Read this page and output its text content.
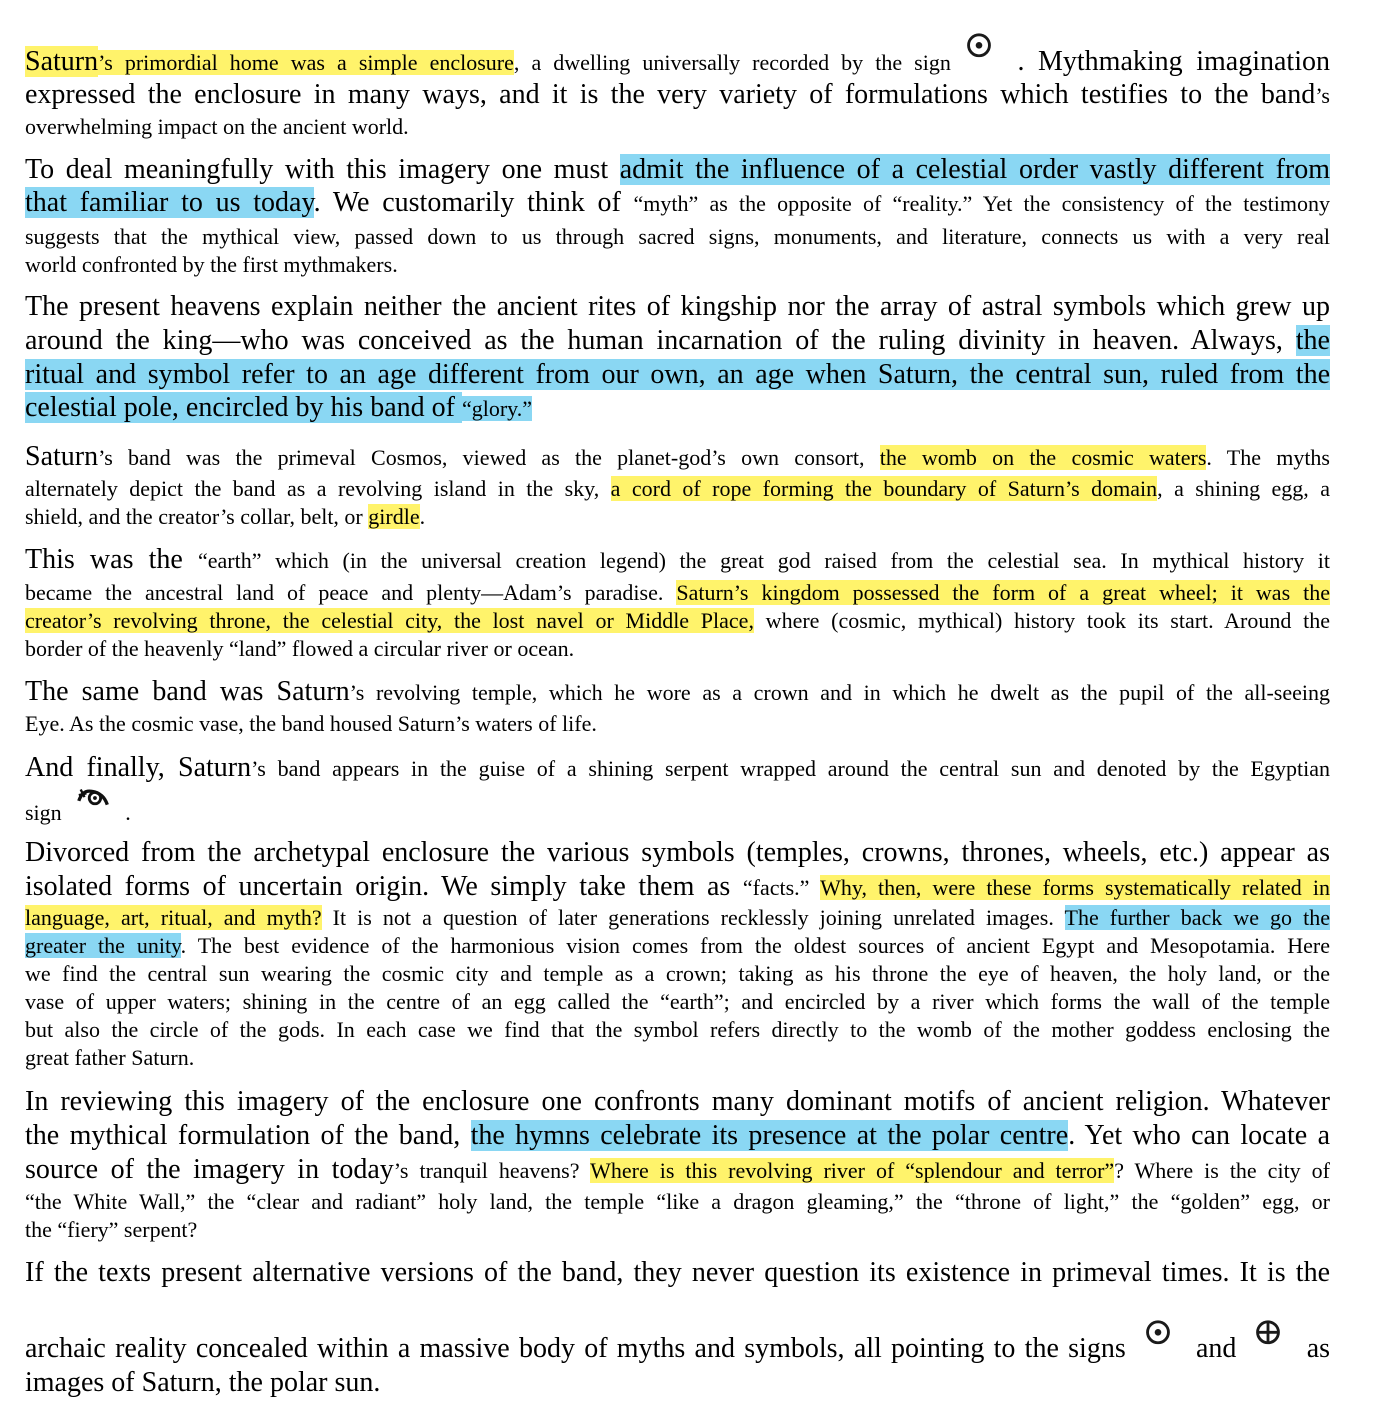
Saturn’s primordial home was a simple enclosure, a dwelling universally recorded by the sign . Mythmaking imagination
expressed the enclosure in many ways, and it is the very variety of formulations which testifies to the band’s
overwhelming impact on the ancient world.
To deal meaningfully with this imagery one must admit the influence of a celestial order vastly different from
that familiar to us today. We customarily think of “myth” as the opposite of “reality.” Yet the consistency of the testimony
suggests that the mythical view, passed down to us through sacred signs, monuments, and literature, connects us with a very real
world confronted by the first mythmakers.
The present heavens explain neither the ancient rites of kingship nor the array of astral symbols which grew up
around the king—who was conceived as the human incarnation of the ruling divinity in heaven. Always, the
ritual and symbol refer to an age different from our own, an age when Saturn, the central sun, ruled from the
celestial pole, encircled by his band of “glory.”
Saturn’s band was the primeval Cosmos, viewed as the planet-god’s own consort, the womb on the cosmic waters. The myths
alternately depict the band as a revolving island in the sky, a cord of rope forming the boundary of Saturn’s domain, a shining egg, a
shield, and the creator’s collar, belt, or girdle.
This was the “earth” which (in the universal creation legend) the great god raised from the celestial sea. In mythical history it
became the ancestral land of peace and plenty—Adam’s paradise. Saturn’s kingdom possessed the form of a great wheel; it was the
creator’s revolving throne, the celestial city, the lost navel or Middle Place, where (cosmic, mythical) history took its start. Around the
border of the heavenly “land” flowed a circular river or ocean.
The same band was Saturn’s revolving temple, which he wore as a crown and in which he dwelt as the pupil of the all-seeing
Eye. As the cosmic vase, the band housed Saturn’s waters of life.
And finally, Saturn’s band appears in the guise of a shining serpent wrapped around the central sun and denoted by the Egyptian
sign	.
Divorced from the archetypal enclosure the various symbols (temples, crowns, thrones, wheels, etc.) appear as
isolated forms of uncertain origin. We simply take them as “facts.” Why, then, were these forms systematically related in
language, art, ritual, and myth? It is not a question of later generations recklessly joining unrelated images. The further back we go the
greater the unity. The best evidence of the harmonious vision comes from the oldest sources of ancient Egypt and Mesopotamia. Here
we find the central sun wearing the cosmic city and temple as a crown; taking as his throne the eye of heaven, the holy land, or the
vase of upper waters; shining in the centre of an egg called the “earth”; and encircled by a river which forms the wall of the temple
but also the circle of the gods. In each case we find that the symbol refers directly to the womb of the mother goddess enclosing the
great father Saturn.
In reviewing this imagery of the enclosure one confronts many dominant motifs of ancient religion. Whatever
the mythical formulation of the band, the hymns celebrate its presence at the polar centre. Yet who can locate a
source of the imagery in today’s tranquil heavens? Where is this revolving river of “splendour and terror”? Where is the city of
“the White Wall,” the “clear and radiant” holy land, the temple “like a dragon gleaming,” the “throne of light,” the “golden” egg, or
the “fiery” serpent?
If the texts present alternative versions of the band, they never question its existence in primeval times. It is the
archaic reality concealed within a massive body of myths and symbols, all pointing to the signs	and	as
images of Saturn, the polar sun.
